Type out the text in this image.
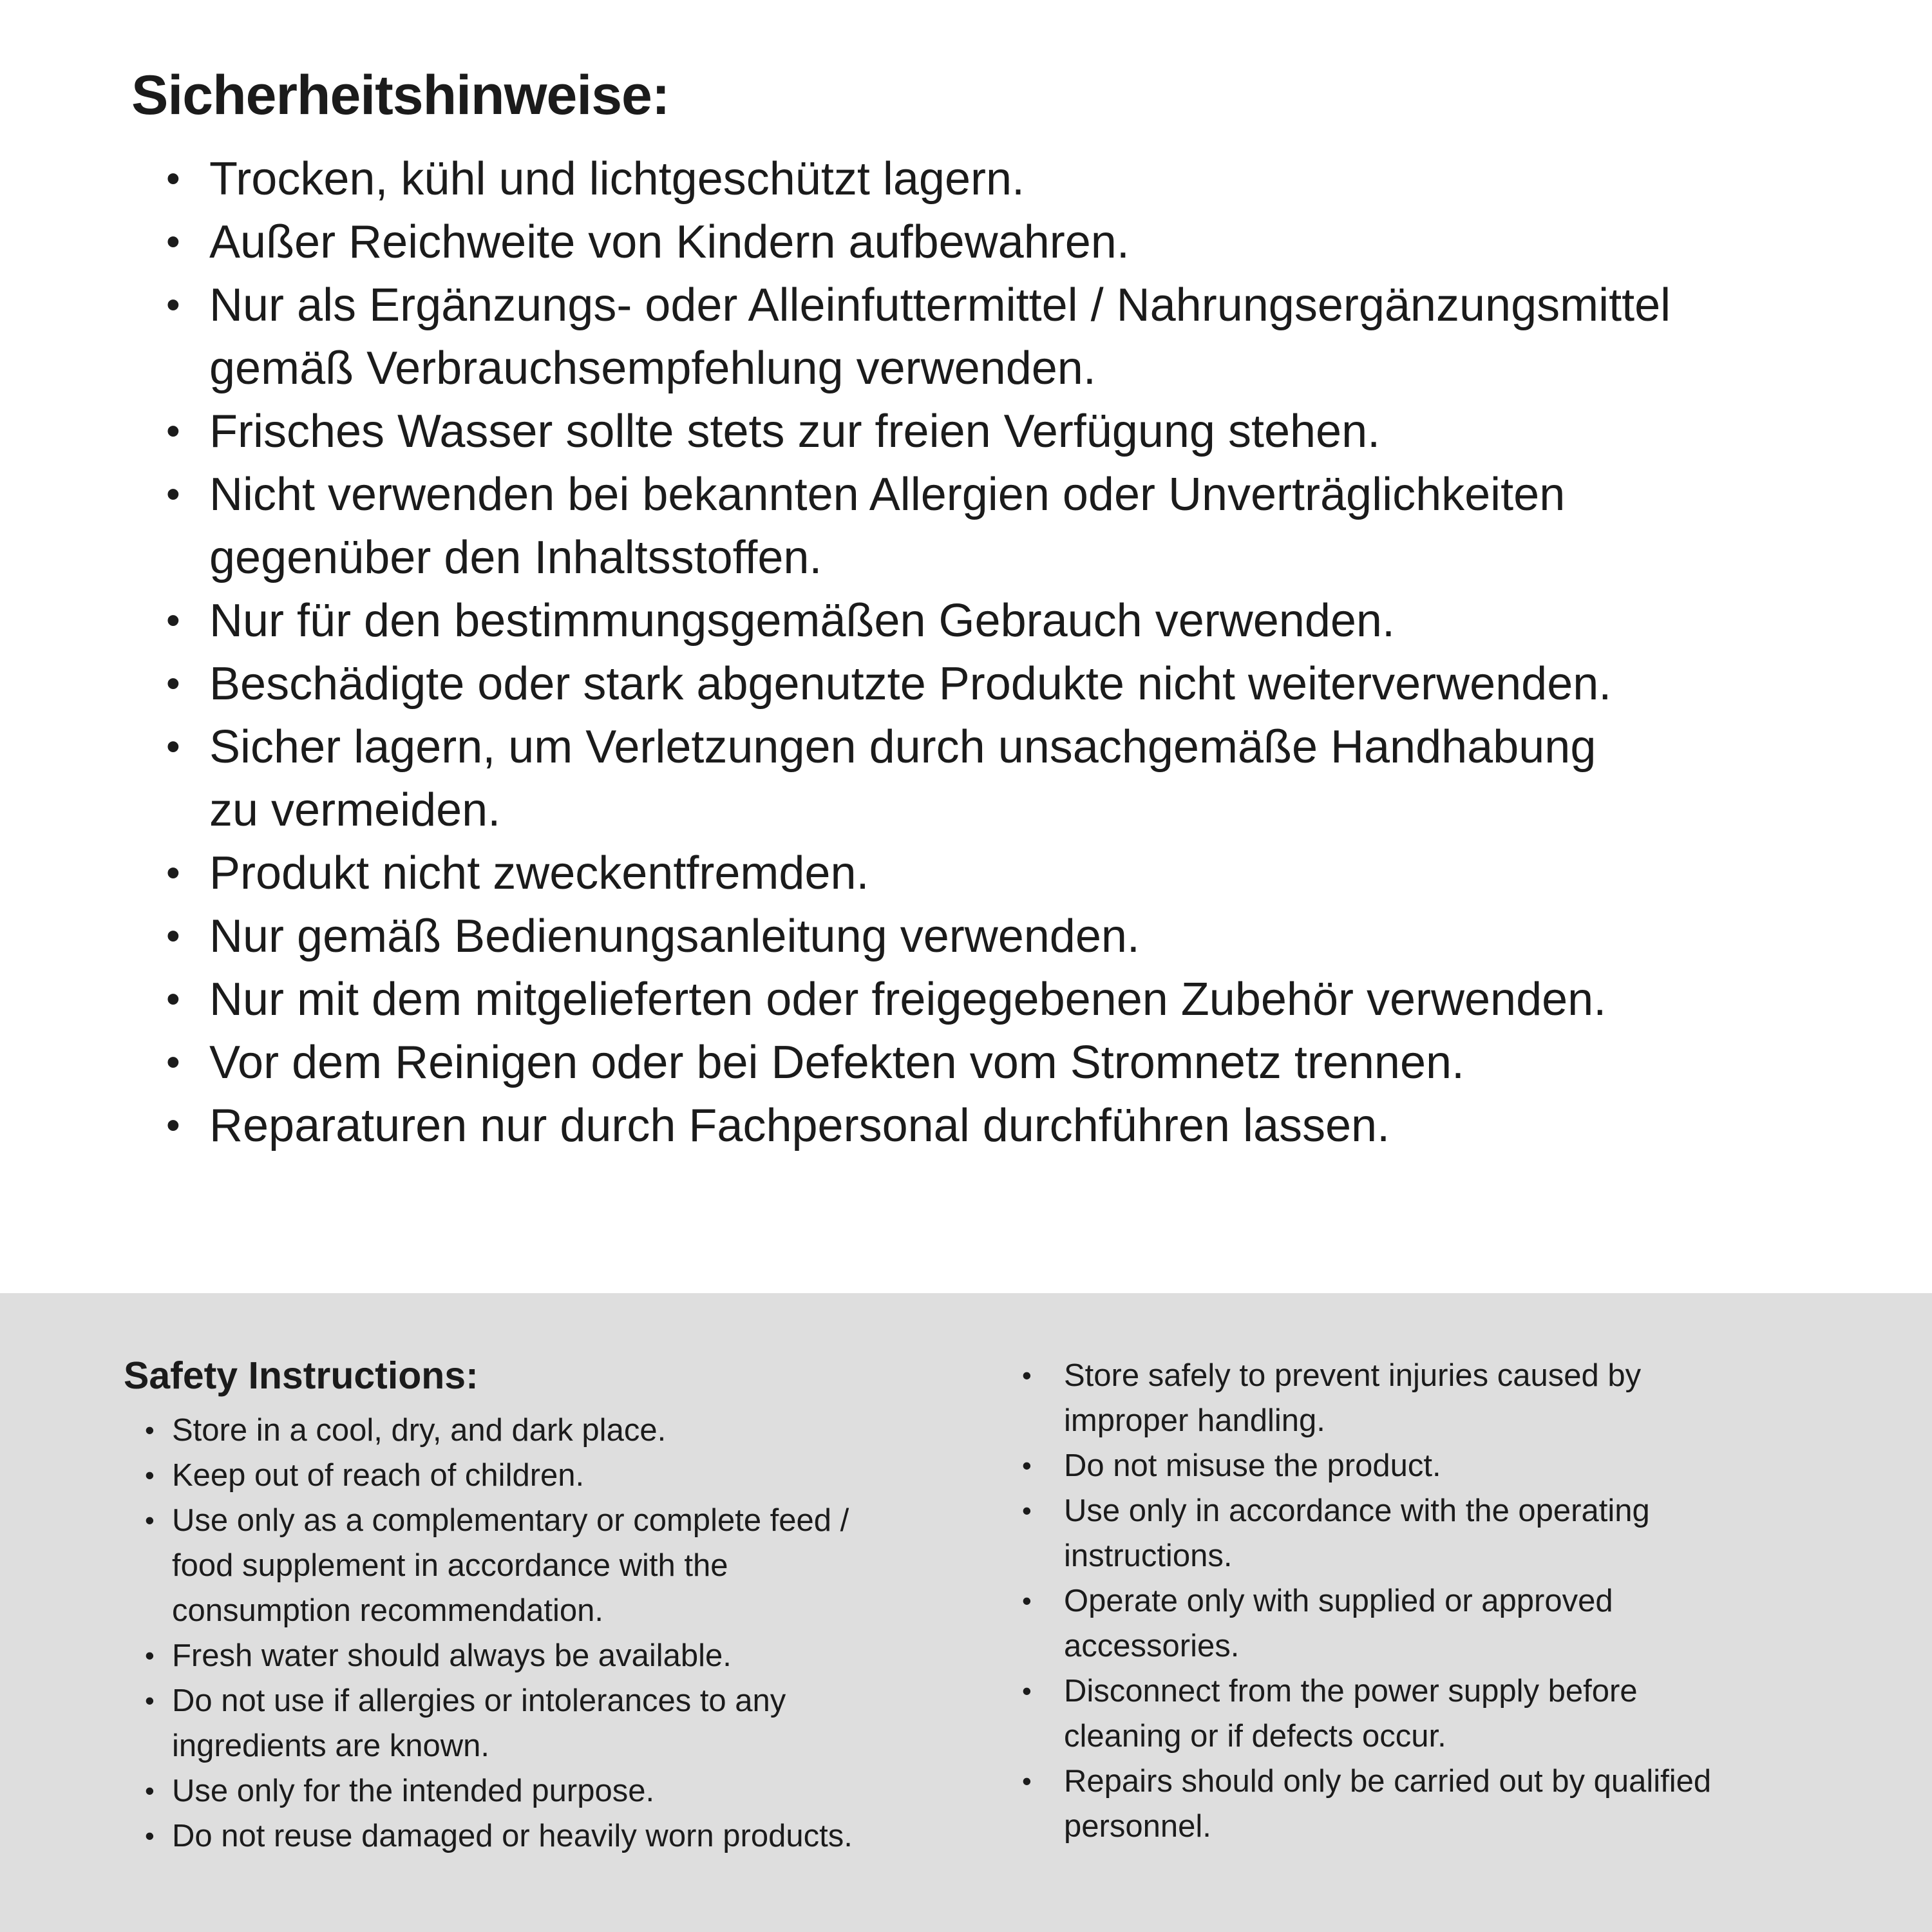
Sicherheitshinweise:
• Trocken, kühl und lichtgeschützt lagern.
• Außer Reichweite von Kindern aufbewahren.
• Nur als Ergänzungs- oder Alleinfuttermittel / Nahrungsergänzungsmittel
gemäß Verbrauchsempfehlung verwenden.
• Frisches Wasser sollte stets zur freien Verfügung stehen.
• Nicht verwenden bei bekannten Allergien oder Unverträglichkeiten
gegenüber den Inhaltsstoffen.
• Nur für den bestimmungsgemäßen Gebrauch verwenden.
• Beschädigte oder stark abgenutzte Produkte nicht weiterverwenden.
• Sicher lagern, um Verletzungen durch unsachgemäße Handhabung
zu vermeiden.
• Produkt nicht zweckentfremden.
• Nur gemäß Bedienungsanleitung verwenden.
• Nur mit dem mitgelieferten oder freigegebenen Zubehör verwenden.
• Vor dem Reinigen oder bei Defekten vom Stromnetz trennen.
• Reparaturen nur durch Fachpersonal durchführen lassen.
Safety Instructions:
• Store in a cool, dry, and dark place.
• Keep out of reach of children.
• Use only as a complementary or complete feed /
food supplement in accordance with the
consumption recommendation.
• Fresh water should always be available.
• Do not use if allergies or intolerances to any
ingredients are known.
• Use only for the intended purpose.
• Do not reuse damaged or heavily worn products.
•	Store safely to prevent injuries caused by
improper handling.
•	Do not misuse the product.
•	Use only in accordance with the operating
instructions.
•	Operate only with supplied or approved
accessories.
•	Disconnect from the power supply before
cleaning or if defects occur.
•	Repairs should only be carried out by qualified
personnel.
